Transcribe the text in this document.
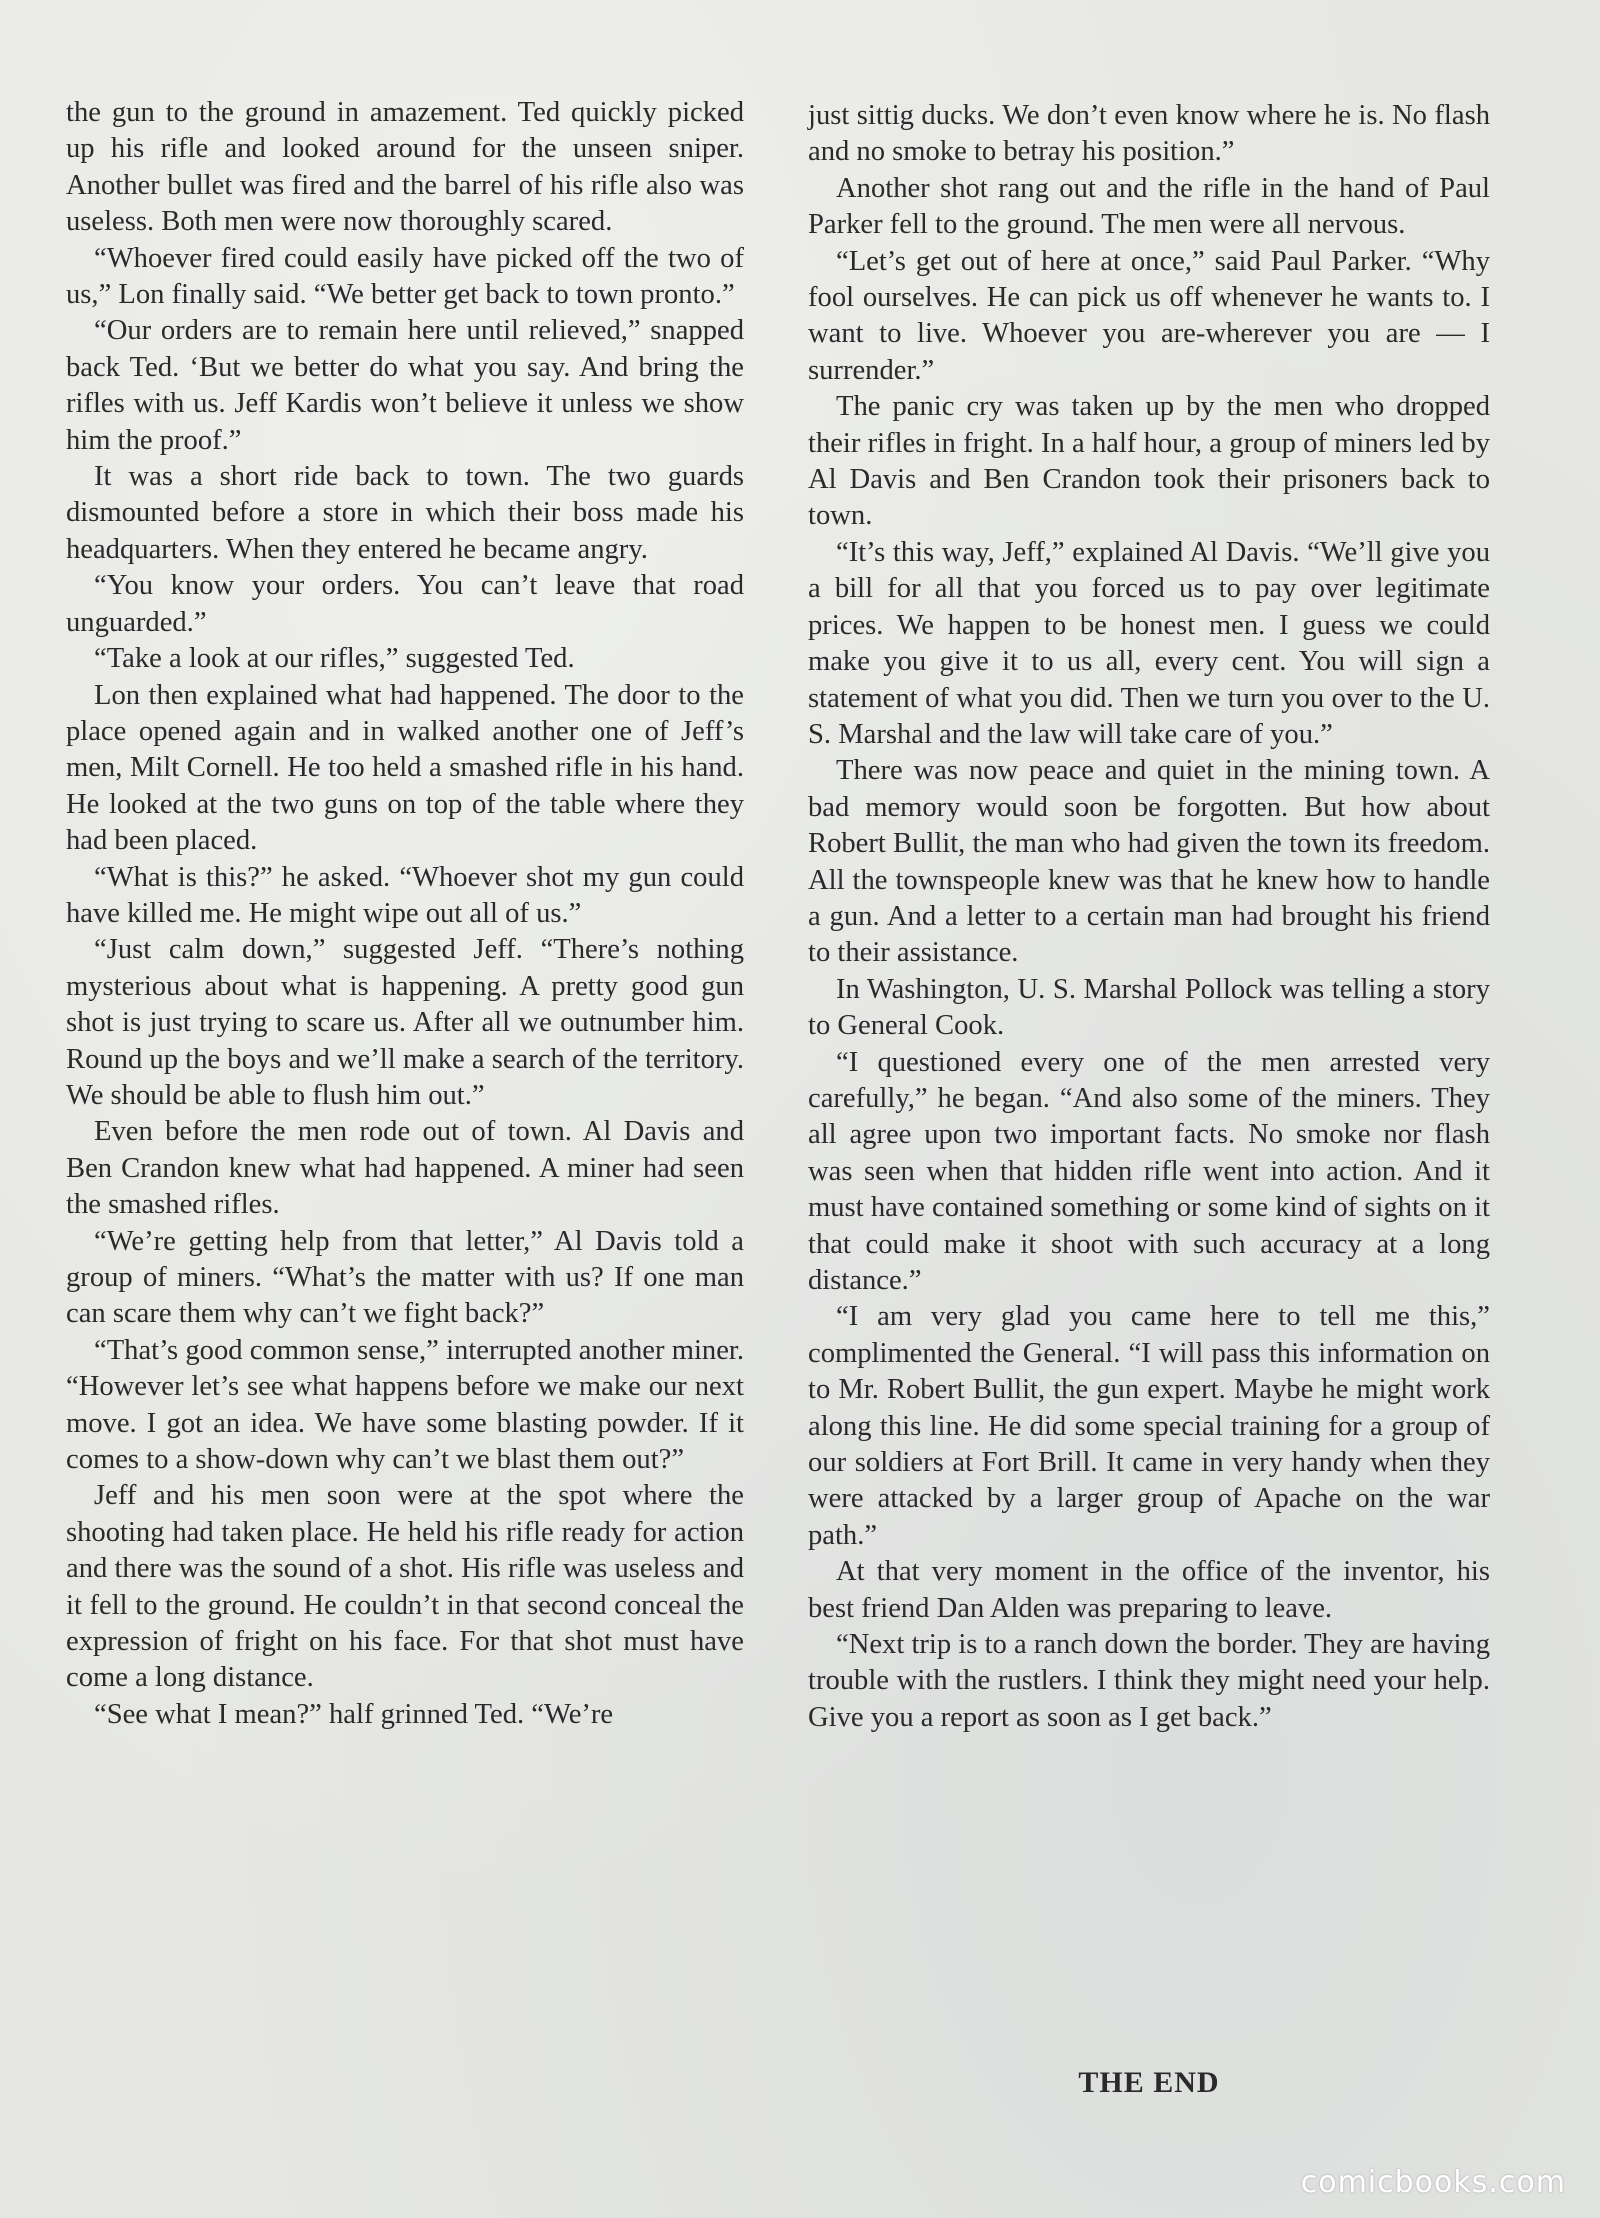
the gun to the ground in amazement. Ted quickly picked up his rifle and looked around for the unseen sniper. Another bullet was fired and the barrel of his rifle also was useless. Both men were now thoroughly scared.

“Whoever fired could easily have picked off the two of us,” Lon finally said. “We better get back to town pronto.”

“Our orders are to remain here until relieved,” snapped back Ted. ‘But we better do what you say. And bring the rifles with us. Jeff Kardis won’t believe it unless we show him the proof.”

It was a short ride back to town. The two guards dismounted before a store in which their boss made his headquarters. When they entered he became angry.

“You know your orders. You can’t leave that road unguarded.”

“Take a look at our rifles,” suggested Ted.

Lon then explained what had happened. The door to the place opened again and in walked another one of Jeff’s men, Milt Cornell. He too held a smashed rifle in his hand. He looked at the two guns on top of the table where they had been placed.

“What is this?” he asked. “Whoever shot my gun could have killed me. He might wipe out all of us.”

“Just calm down,” suggested Jeff. “There’s nothing mysterious about what is happening. A pretty good gun shot is just trying to scare us. After all we outnumber him. Round up the boys and we’ll make a search of the territory. We should be able to flush him out.”

Even before the men rode out of town. Al Davis and Ben Crandon knew what had happened. A miner had seen the smashed rifles.

“We’re getting help from that letter,” Al Davis told a group of miners. “What’s the matter with us? If one man can scare them why can’t we fight back?”

“That’s good common sense,” interrupted another miner. “However let’s see what happens before we make our next move. I got an idea. We have some blasting powder. If it comes to a show-down why can’t we blast them out?”

Jeff and his men soon were at the spot where the shooting had taken place. He held his rifle ready for action and there was the sound of a shot. His rifle was useless and it fell to the ground. He couldn’t in that second conceal the expression of fright on his face. For that shot must have come a long distance.

“See what I mean?” half grinned Ted. “We’re

just sittig ducks. We don’t even know where he is. No flash and no smoke to betray his position.”

Another shot rang out and the rifle in the hand of Paul Parker fell to the ground. The men were all nervous.

“Let’s get out of here at once,” said Paul Parker. “Why fool ourselves. He can pick us off whenever he wants to. I want to live. Whoever you are-wherever you are — I surrender.”

The panic cry was taken up by the men who dropped their rifles in fright. In a half hour, a group of miners led by Al Davis and Ben Crandon took their prisoners back to town.

“It’s this way, Jeff,” explained Al Davis. “We’ll give you a bill for all that you forced us to pay over legitimate prices. We happen to be honest men. I guess we could make you give it to us all, every cent. You will sign a statement of what you did. Then we turn you over to the U. S. Marshal and the law will take care of you.”

There was now peace and quiet in the mining town. A bad memory would soon be forgotten. But how about Robert Bullit, the man who had given the town its freedom. All the townspeople knew was that he knew how to handle a gun. And a letter to a certain man had brought his friend to their assistance.

In Washington, U. S. Marshal Pollock was telling a story to General Cook.

“I questioned every one of the men arrested very carefully,” he began. “And also some of the miners. They all agree upon two important facts. No smoke nor flash was seen when that hidden rifle went into action. And it must have contained something or some kind of sights on it that could make it shoot with such accuracy at a long distance.”

“I am very glad you came here to tell me this,” complimented the General. “I will pass this information on to Mr. Robert Bullit, the gun expert. Maybe he might work along this line. He did some special training for a group of our soldiers at Fort Brill. It came in very handy when they were attacked by a larger group of Apache on the war path.”

At that very moment in the office of the inventor, his best friend Dan Alden was preparing to leave.

“Next trip is to a ranch down the border. They are having trouble with the rustlers. I think they might need your help. Give you a report as soon as I get back.”

THE END
comicbooks.com
